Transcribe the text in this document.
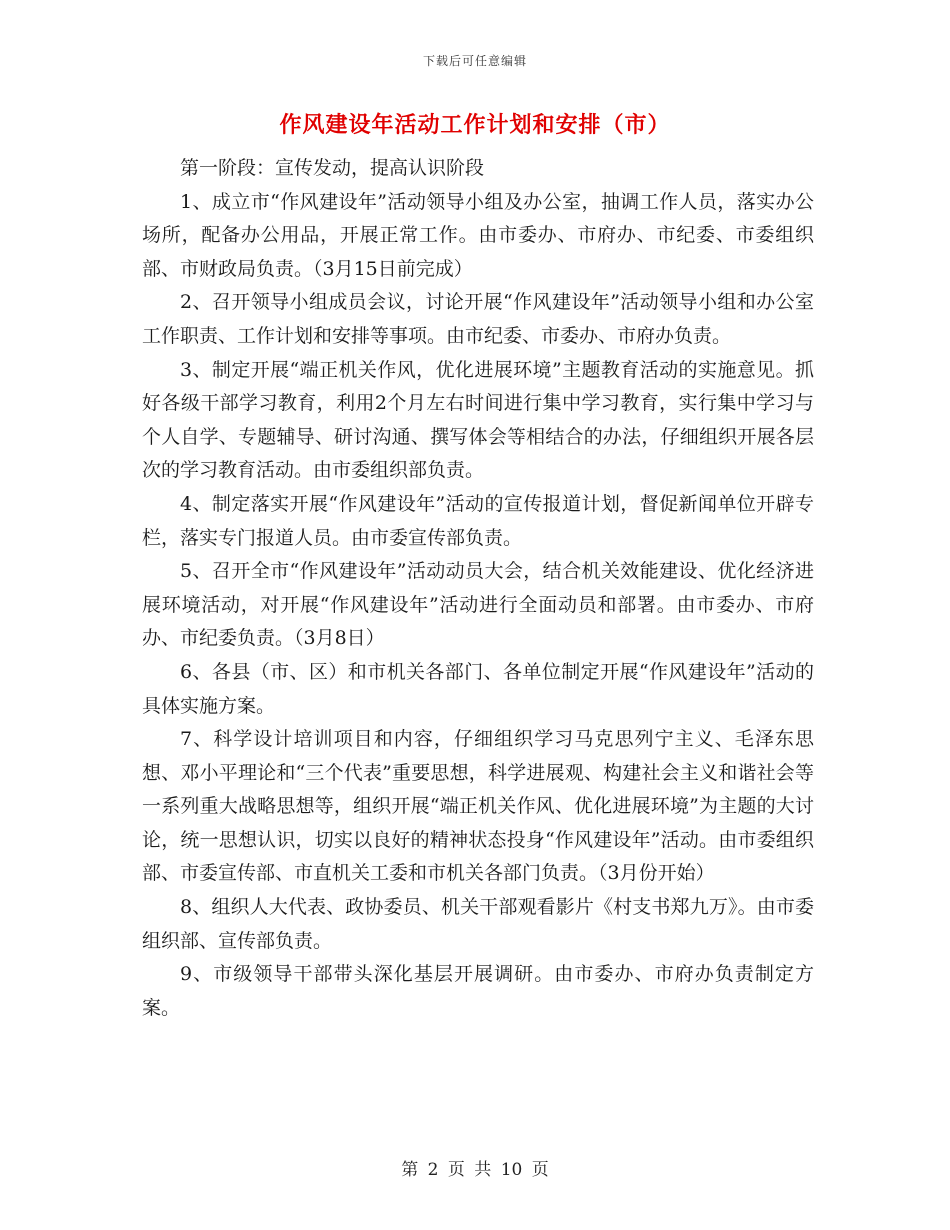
下载后可任意编辑
作风建设年活动工作计划和安排（市）

第一阶段：宣传发动，提高认识阶段

1、成立市“作风建设年”活动领导小组及办公室，抽调工作人员，落实办公场所，配备办公用品，开展正常工作。由市委办、市府办、市纪委、市委组织部、市财政局负责。（3月15日前完成）

2、召开领导小组成员会议，讨论开展“作风建设年”活动领导小组和办公室工作职责、工作计划和安排等事项。由市纪委、市委办、市府办负责。

3、制定开展“端正机关作风，优化进展环境”主题教育活动的实施意见。抓好各级干部学习教育，利用2个月左右时间进行集中学习教育，实行集中学习与个人自学、专题辅导、研讨沟通、撰写体会等相结合的办法，仔细组织开展各层次的学习教育活动。由市委组织部负责。

4、制定落实开展“作风建设年”活动的宣传报道计划，督促新闻单位开辟专栏，落实专门报道人员。由市委宣传部负责。

5、召开全市“作风建设年”活动动员大会，结合机关效能建设、优化经济进展环境活动，对开展“作风建设年”活动进行全面动员和部署。由市委办、市府办、市纪委负责。（3月8日）

6、各县（市、区）和市机关各部门、各单位制定开展“作风建设年”活动的具体实施方案。

7、科学设计培训项目和内容，仔细组织学习马克思列宁主义、毛泽东思想、邓小平理论和“三个代表”重要思想，科学进展观、构建社会主义和谐社会等一系列重大战略思想等，组织开展“端正机关作风、优化进展环境”为主题的大讨论，统一思想认识，切实以良好的精神状态投身“作风建设年”活动。由市委组织部、市委宣传部、市直机关工委和市机关各部门负责。（3月份开始）

8、组织人大代表、政协委员、机关干部观看影片《村支书郑九万》。由市委组织部、宣传部负责。

9、市级领导干部带头深化基层开展调研。由市委办、市府办负责制定方案。

第 2 页 共 10 页
